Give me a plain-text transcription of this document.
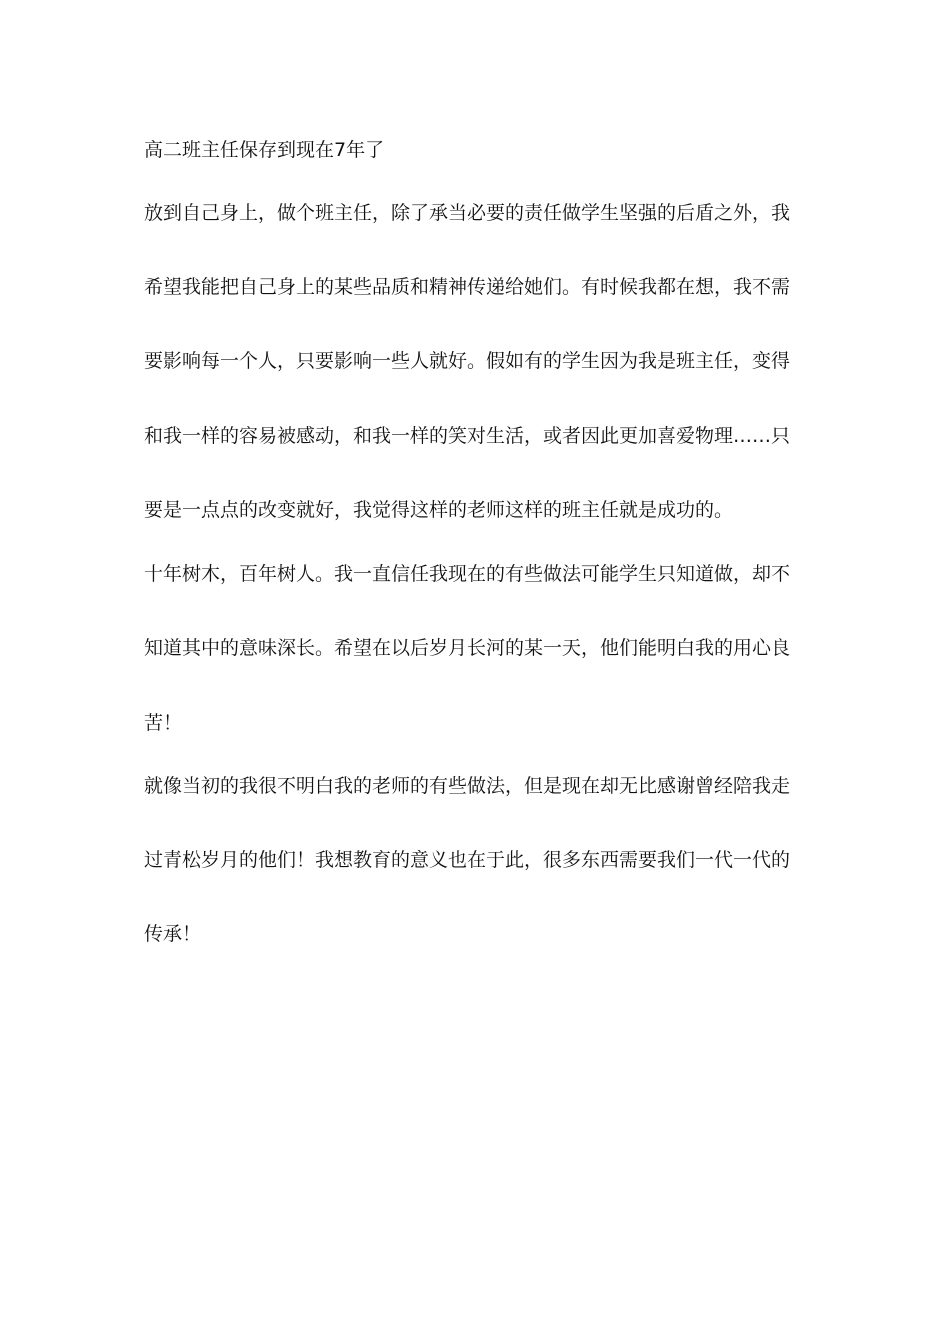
高二班主任保存到现在7年了
放到自己身上，做个班主任，除了承当必要的责任做学生坚强的后盾之外，我
希望我能把自己身上的某些品质和精神传递给她们。有时候我都在想，我不需
要影响每一个人，只要影响一些人就好。假如有的学生因为我是班主任，变得
和我一样的容易被感动，和我一样的笑对生活，或者因此更加喜爱物理……只
要是一点点的改变就好，我觉得这样的老师这样的班主任就是成功的。
十年树木，百年树人。我一直信任我现在的有些做法可能学生只知道做，却不
知道其中的意味深长。希望在以后岁月长河的某一天，他们能明白我的用心良
苦！
就像当初的我很不明白我的老师的有些做法，但是现在却无比感谢曾经陪我走
过青松岁月的他们！我想教育的意义也在于此，很多东西需要我们一代一代的
传承！
